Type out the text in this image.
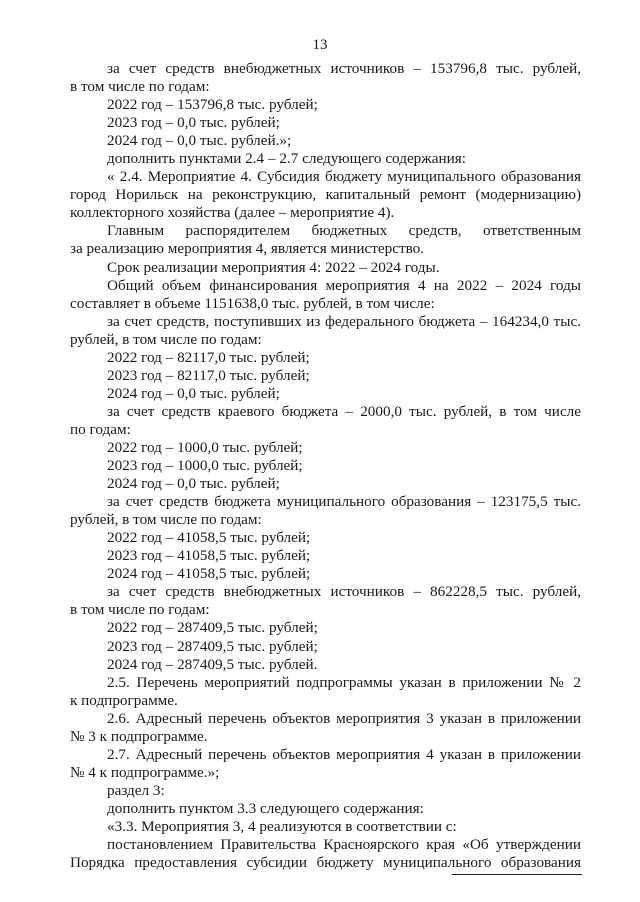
13

за счет средств внебюджетных источников – 153796,8 тыс. рублей,

в том числе по годам:

2022 год – 153796,8 тыс. рублей;

2023 год – 0,0 тыс. рублей;

2024 год – 0,0 тыс. рублей.»;

дополнить пунктами 2.4 – 2.7 следующего содержания:

« 2.4. Мероприятие 4. Субсидия бюджету муниципального образования

город Норильск на реконструкцию, капитальный ремонт (модернизацию)

коллекторного хозяйства (далее – мероприятие 4).

Главным распорядителем бюджетных средств, ответственным

за реализацию мероприятия 4, является министерство.

Срок реализации мероприятия 4: 2022 – 2024 годы.

Общий объем финансирования мероприятия 4 на 2022 – 2024 годы

составляет в объеме 1151638,0 тыс. рублей, в том числе:

за счет средств, поступивших из федерального бюджета – 164234,0 тыс.

рублей, в том числе по годам:

2022 год – 82117,0 тыс. рублей;

2023 год – 82117,0 тыс. рублей;

2024 год – 0,0 тыс. рублей;

за счет средств краевого бюджета – 2000,0 тыс. рублей, в том числе

по годам:

2022 год – 1000,0 тыс. рублей;

2023 год – 1000,0 тыс. рублей;

2024 год – 0,0 тыс. рублей;

за счет средств бюджета муниципального образования – 123175,5 тыс.

рублей, в том числе по годам:

2022 год – 41058,5 тыс. рублей;

2023 год – 41058,5 тыс. рублей;

2024 год – 41058,5 тыс. рублей;

за счет средств внебюджетных источников – 862228,5 тыс. рублей,

в том числе по годам:

2022 год – 287409,5 тыс. рублей;

2023 год – 287409,5 тыс. рублей;

2024 год – 287409,5 тыс. рублей.

2.5. Перечень мероприятий подпрограммы указан в приложении № 2

к подпрограмме.

2.6. Адресный перечень объектов мероприятия 3 указан в приложении

№ 3 к подпрограмме.

2.7. Адресный перечень объектов мероприятия 4 указан в приложении

№ 4 к подпрограмме.»;

раздел 3:

дополнить пунктом 3.3 следующего содержания:

«3.3. Мероприятия 3, 4 реализуются в соответствии с:

постановлением Правительства Красноярского края «Об утверждении

Порядка предоставления субсидии бюджету муниципального образования
